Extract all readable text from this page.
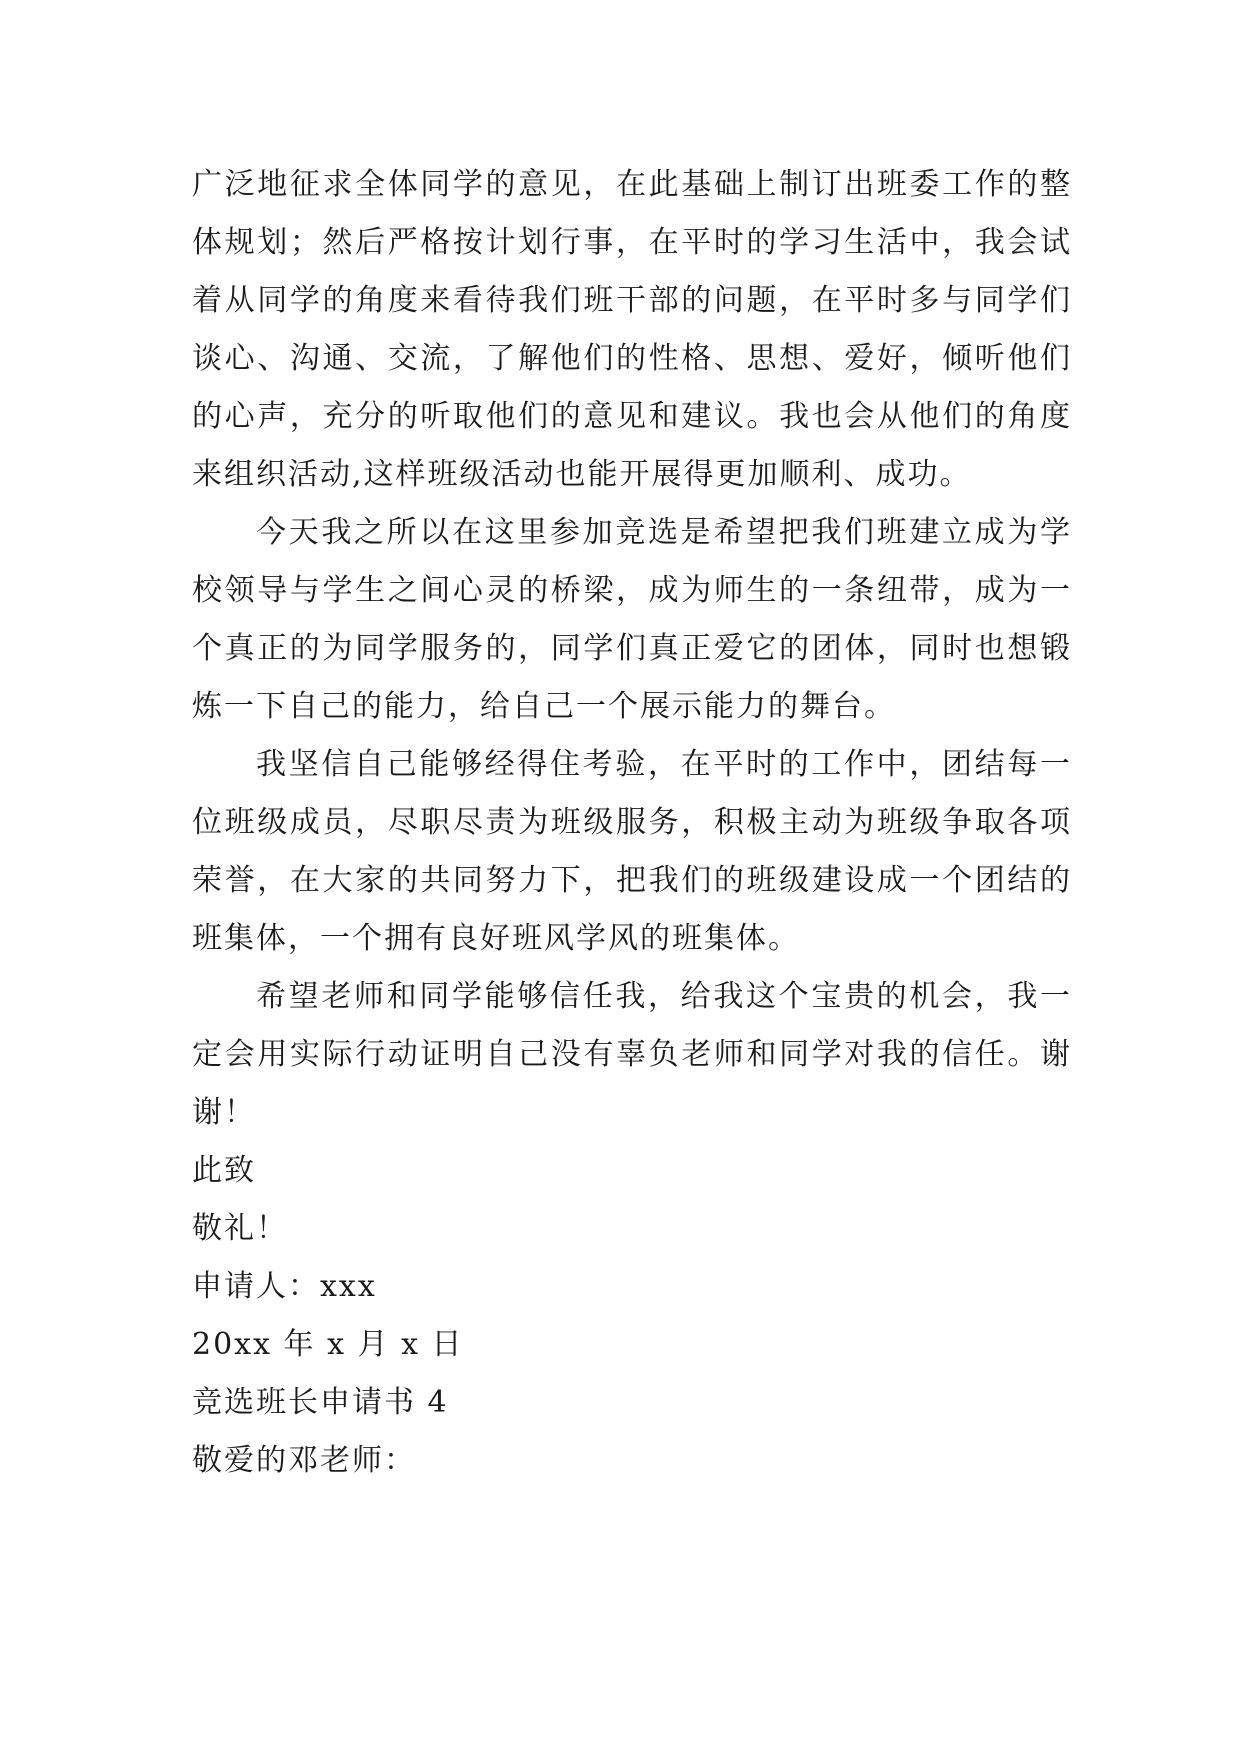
广泛地征求全体同学的意见，在此基础上制订出班委工作的整体规划；然后严格按计划行事，在平时的学习生活中，我会试着从同学的角度来看待我们班干部的问题，在平时多与同学们谈心、沟通、交流，了解他们的性格、思想、爱好，倾听他们的心声，充分的听取他们的意见和建议。我也会从他们的角度来组织活动,这样班级活动也能开展得更加顺利、成功。

今天我之所以在这里参加竞选是希望把我们班建立成为学校领导与学生之间心灵的桥梁，成为师生的一条纽带，成为一个真正的为同学服务的，同学们真正爱它的团体，同时也想锻炼一下自己的能力，给自己一个展示能力的舞台。

我坚信自己能够经得住考验，在平时的工作中，团结每一位班级成员，尽职尽责为班级服务，积极主动为班级争取各项荣誉，在大家的共同努力下，把我们的班级建设成一个团结的班集体，一个拥有良好班风学风的班集体。

希望老师和同学能够信任我，给我这个宝贵的机会，我一定会用实际行动证明自己没有辜负老师和同学对我的信任。谢谢！

此致

敬礼！

申请人：xxx

20xx 年 x 月 x 日

竞选班长申请书 4

敬爱的邓老师：
